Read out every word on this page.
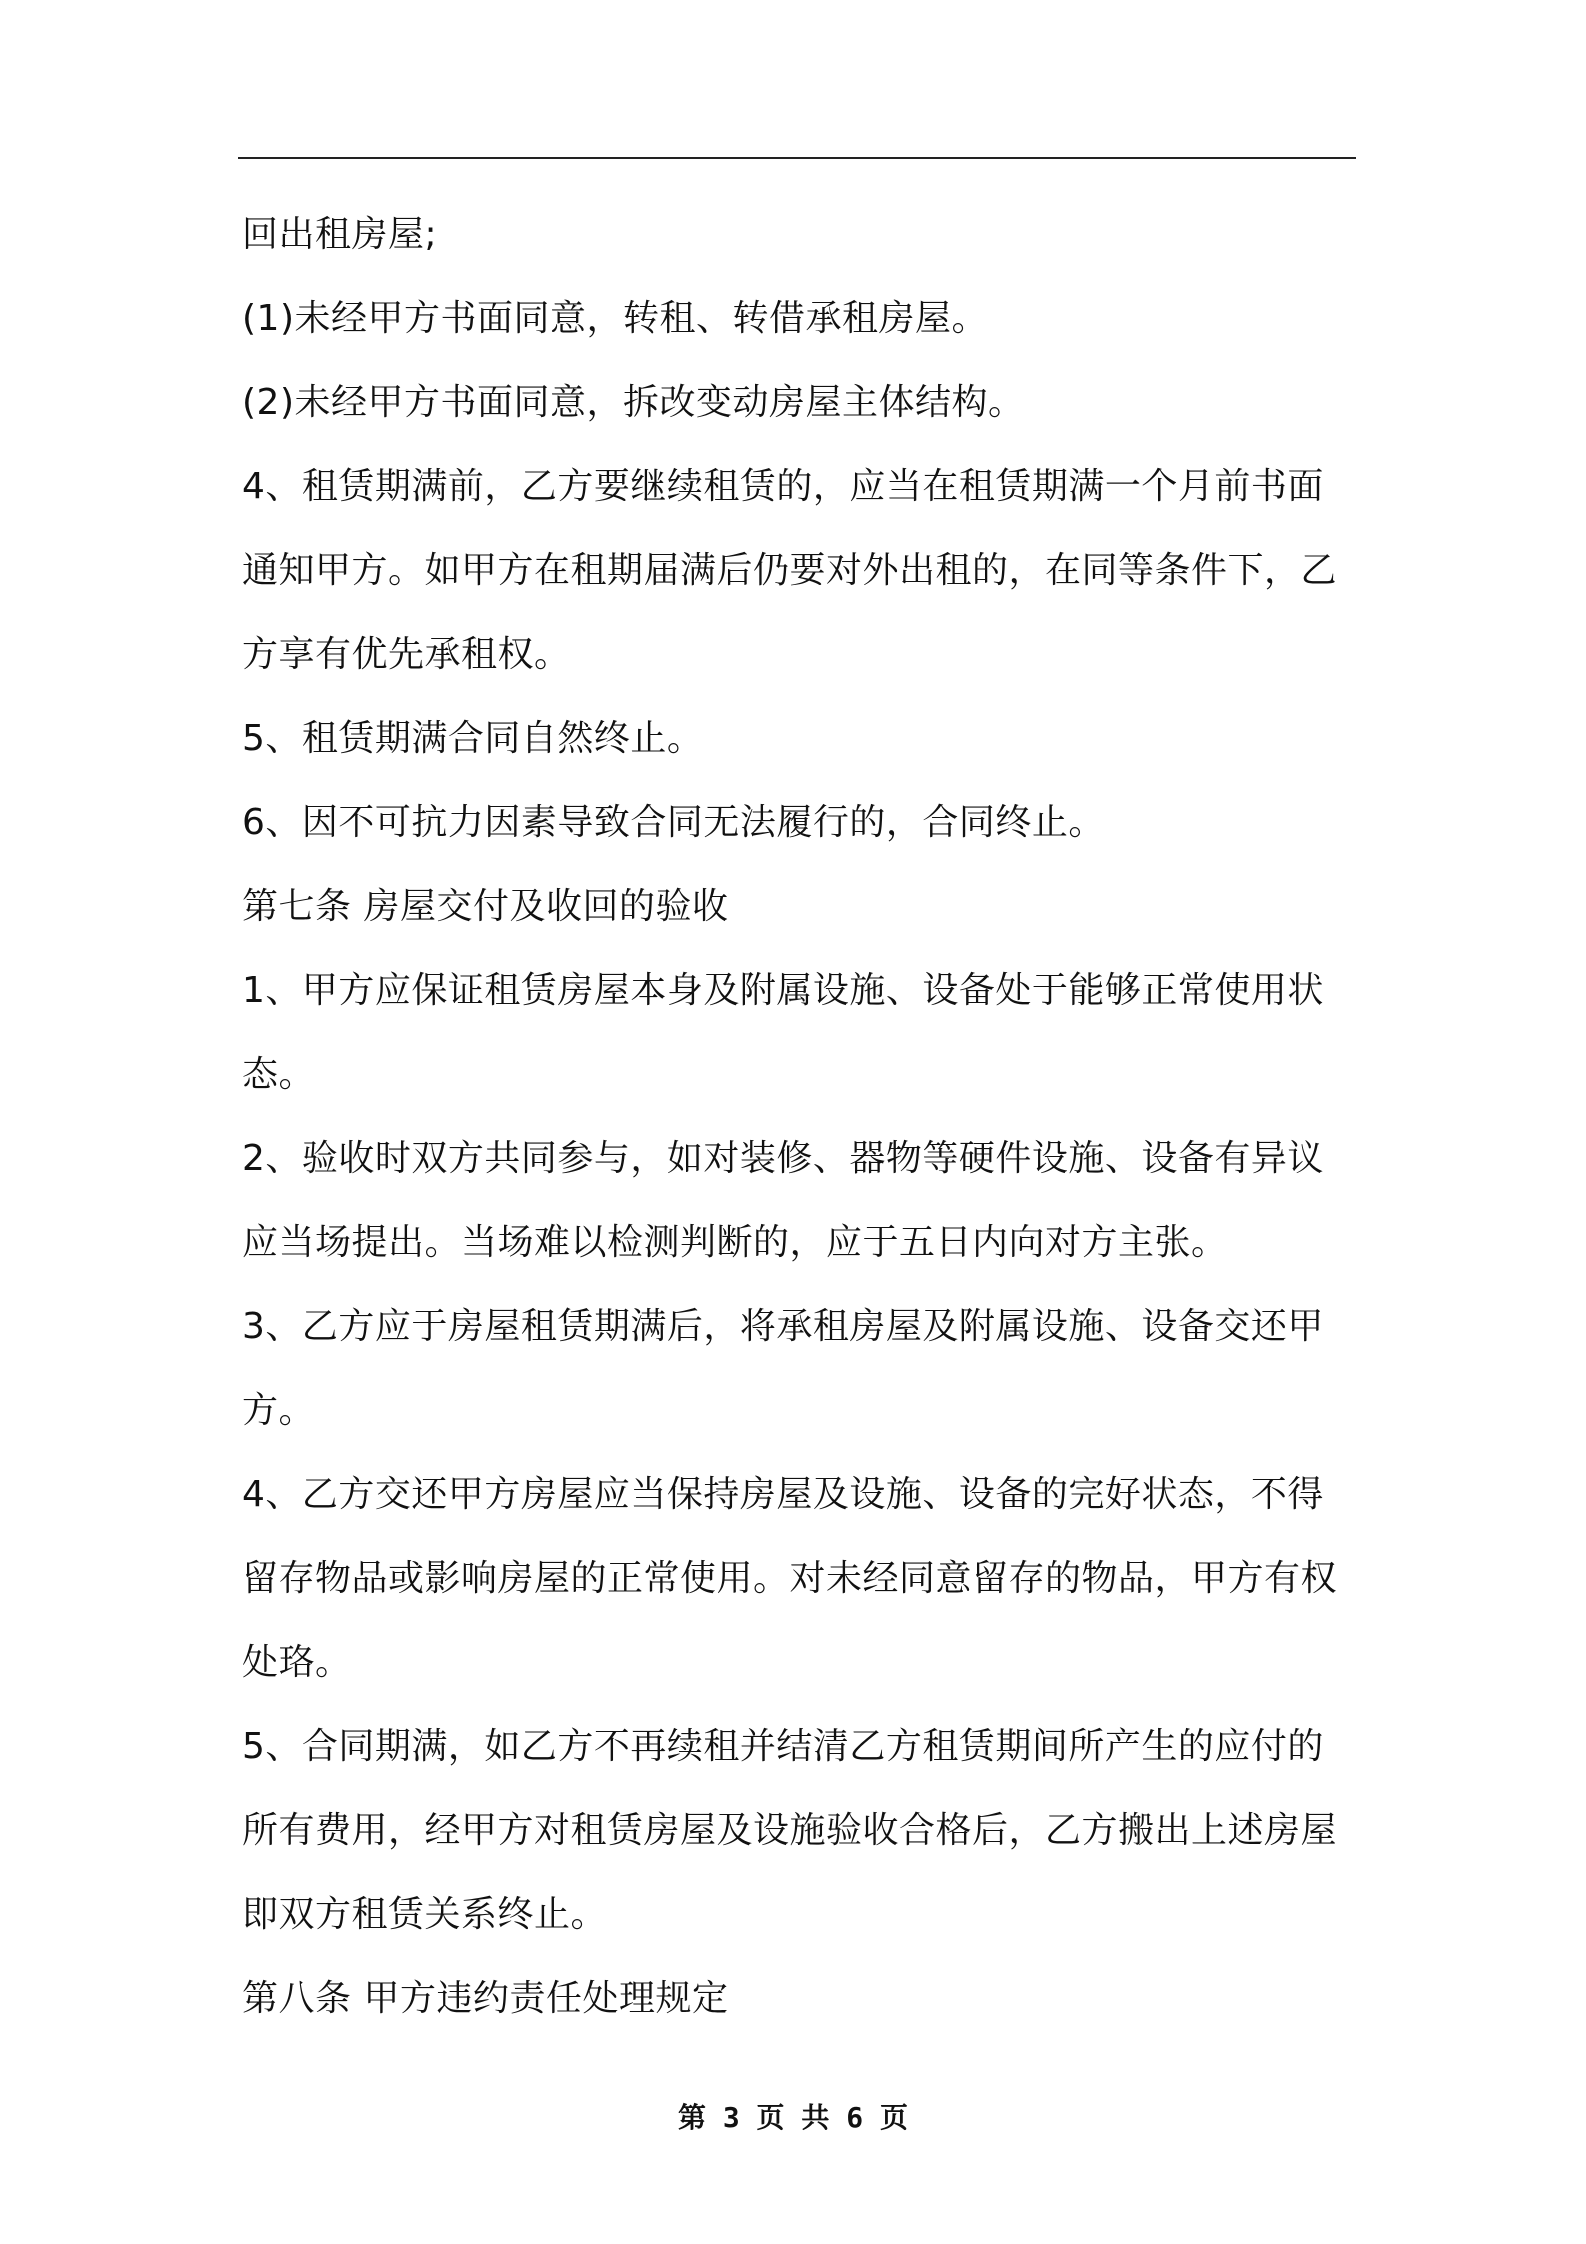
回出租房屋;
(1)未经甲方书面同意，转租、转借承租房屋。
(2)未经甲方书面同意，拆改变动房屋主体结构。
4、租赁期满前，乙方要继续租赁的，应当在租赁期满一个月前书面
通知甲方。如甲方在租期届满后仍要对外出租的，在同等条件下，乙
方享有优先承租权。
5、租赁期满合同自然终止。
6、因不可抗力因素导致合同无法履行的，合同终止。
第七条 房屋交付及收回的验收
1、甲方应保证租赁房屋本身及附属设施、设备处于能够正常使用状
态。
2、验收时双方共同参与，如对装修、器物等硬件设施、设备有异议
应当场提出。当场难以检测判断的，应于五日内向对方主张。
3、乙方应于房屋租赁期满后，将承租房屋及附属设施、设备交还甲
方。
4、乙方交还甲方房屋应当保持房屋及设施、设备的完好状态，不得
留存物品或影响房屋的正常使用。对未经同意留存的物品，甲方有权
处珞。
5、合同期满，如乙方不再续租并结清乙方租赁期间所产生的应付的
所有费用，经甲方对租赁房屋及设施验收合格后，乙方搬出上述房屋
即双方租赁关系终止。
第八条 甲方违约责任处理规定
第 3 页 共 6 页
